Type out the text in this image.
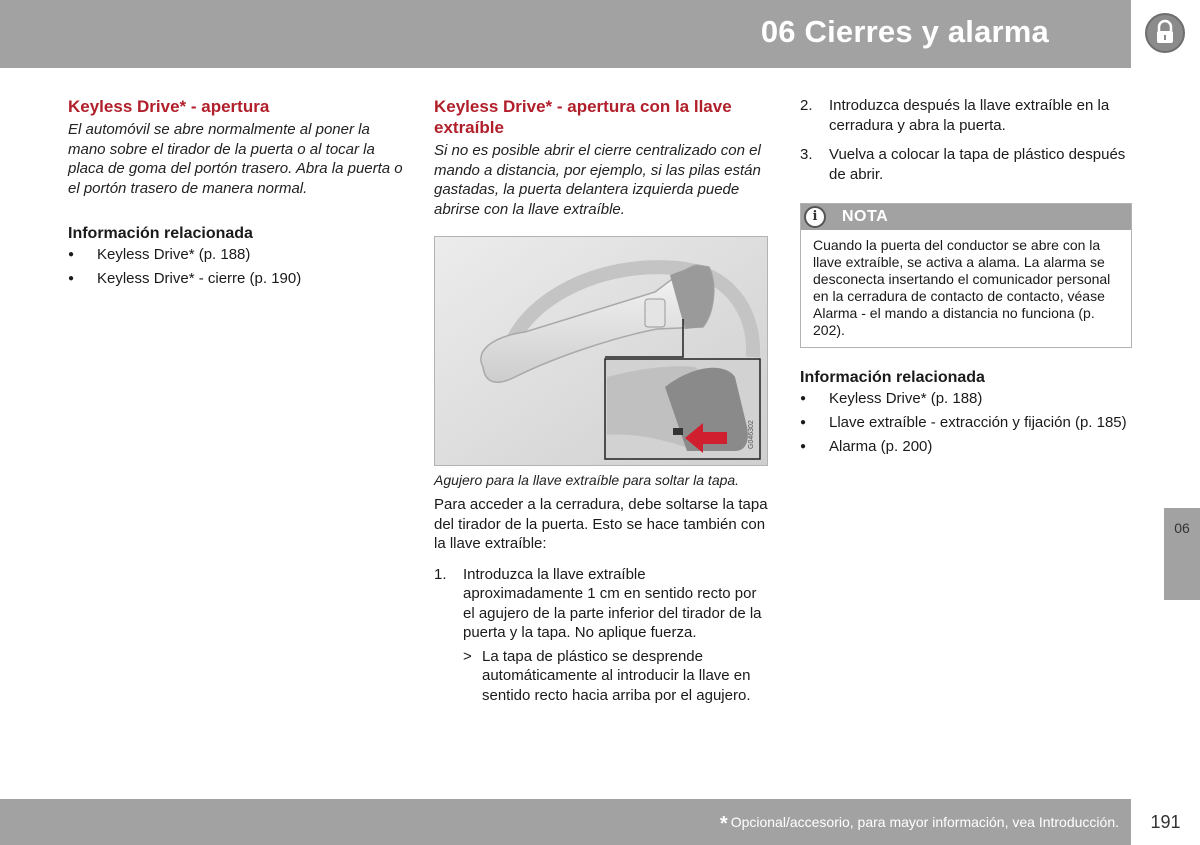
06 Cierres y alarma
Keyless Drive* - apertura
El automóvil se abre normalmente al poner la mano sobre el tirador de la puerta o al tocar la placa de goma del portón trasero. Abra la puerta o el portón trasero de manera normal.
Información relacionada
● Keyless Drive* (p. 188)
● Keyless Drive* - cierre (p. 190)
Keyless Drive* - apertura con la llave extraíble
Si no es posible abrir el cierre centralizado con el mando a distancia, por ejemplo, si las pilas están gastadas, la puerta delantera izquierda puede abrirse con la llave extraíble.
G046302
Agujero para la llave extraíble para soltar la tapa.

Para acceder a la cerradura, debe soltarse la tapa del tirador de la puerta. Esto se hace también con la llave extraíble:

1. Introduzca la llave extraíble aproximadamente 1 cm en sentido recto por el agujero de la parte inferior del tirador de la puerta y la tapa. No aplique fuerza.
> La tapa de plástico se desprende automáticamente al introducir la llave en sentido recto hacia arriba por el agujero.
2. Introduzca después la llave extraíble en la cerradura y abra la puerta.
3. Vuelva a colocar la tapa de plástico después de abrir.
i	NOTA
Cuando la puerta del conductor se abre con la llave extraíble, se activa a alama. La alarma se desconecta insertando el comunicador personal en la cerradura de contacto de contacto, véase Alarma - el mando a distancia no funciona (p. 202).
Información relacionada
● Keyless Drive* (p. 188)
● Llave extraíble - extracción y fijación (p. 185)
● Alarma (p. 200)
06
* Opcional/accesorio, para mayor información, vea Introducción.	191
